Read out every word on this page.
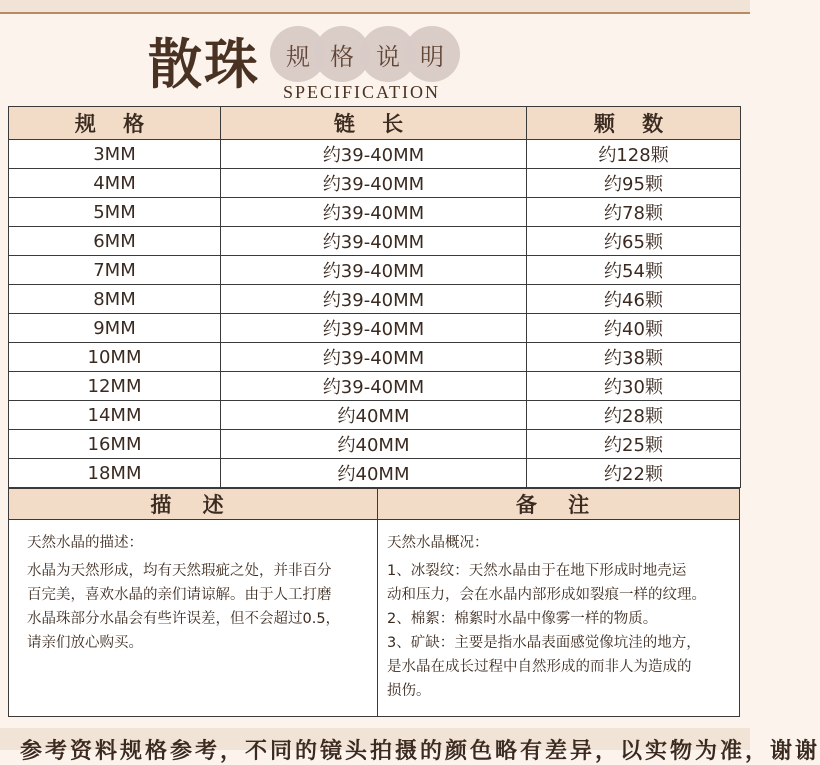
散珠	规 格 说 明
SPECIFICATION
规 格	链 长	颗 数
3MM	约39-40MM	约128颗
4MM	约39-40MM	约95颗
5MM	约39-40MM	约78颗
6MM	约39-40MM	约65颗
7MM	约39-40MM	约54颗
8MM	约39-40MM	约46颗
9MM	约39-40MM	约40颗
10MM	约39-40MM	约38颗
12MM	约39-40MM	约30颗
14MM	约40MM	约28颗
16MM	约40MM	约25颗
18MM	约40MM	约22颗
描 述	备 注

天然水晶的描述：

水晶为天然形成，均有天然瑕疵之处，并非百分

百完美，喜欢水晶的亲们请谅解。由于人工打磨

水晶珠部分水晶会有些许误差，但不会超过0.5，

请亲们放心购买。

天然水晶概况：

1、冰裂纹：天然水晶由于在地下形成时地壳运

动和压力，会在水晶内部形成如裂痕一样的纹理。

2、棉絮：棉絮时水晶中像雾一样的物质。

3、矿缺：主要是指水晶表面感觉像坑洼的地方，

是水晶在成长过程中自然形成的而非人为造成的

损伤。

参考资料规格参考，不同的镜头拍摄的颜色略有差异，以实物为准，谢谢
